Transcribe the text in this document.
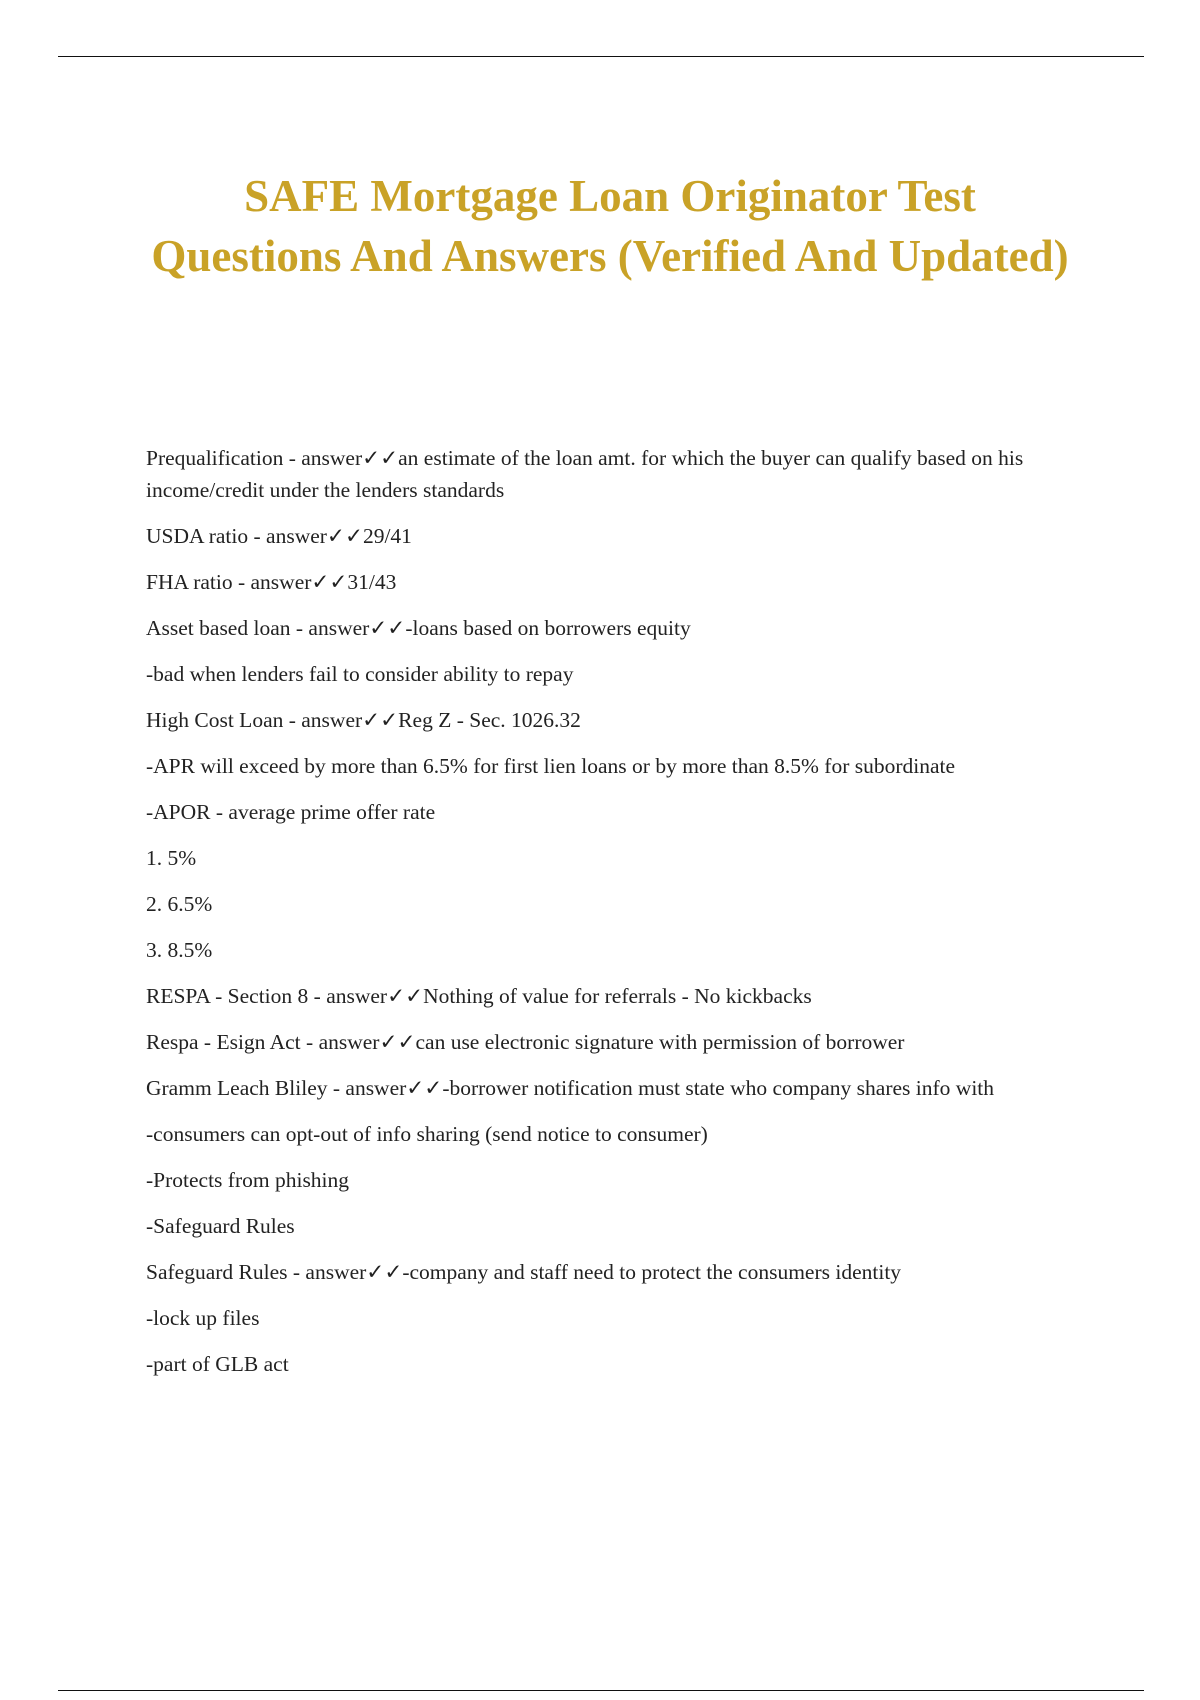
SAFE Mortgage Loan Originator Test Questions And Answers (Verified And Updated)

Prequalification - answer✓✓an estimate of the loan amt. for which the buyer can qualify based on his income/credit under the lenders standards

USDA ratio - answer✓✓29/41

FHA ratio - answer✓✓31/43

Asset based loan - answer✓✓-loans based on borrowers equity

-bad when lenders fail to consider ability to repay

High Cost Loan - answer✓✓Reg Z - Sec. 1026.32

-APR will exceed by more than 6.5% for first lien loans or by more than 8.5% for subordinate

-APOR - average prime offer rate

1. 5%

2. 6.5%

3. 8.5%

RESPA - Section 8 - answer✓✓Nothing of value for referrals - No kickbacks

Respa - Esign Act - answer✓✓can use electronic signature with permission of borrower

Gramm Leach Bliley - answer✓✓-borrower notification must state who company shares info with

-consumers can opt-out of info sharing (send notice to consumer)

-Protects from phishing

-Safeguard Rules

Safeguard Rules - answer✓✓-company and staff need to protect the consumers identity

-lock up files

-part of GLB act
